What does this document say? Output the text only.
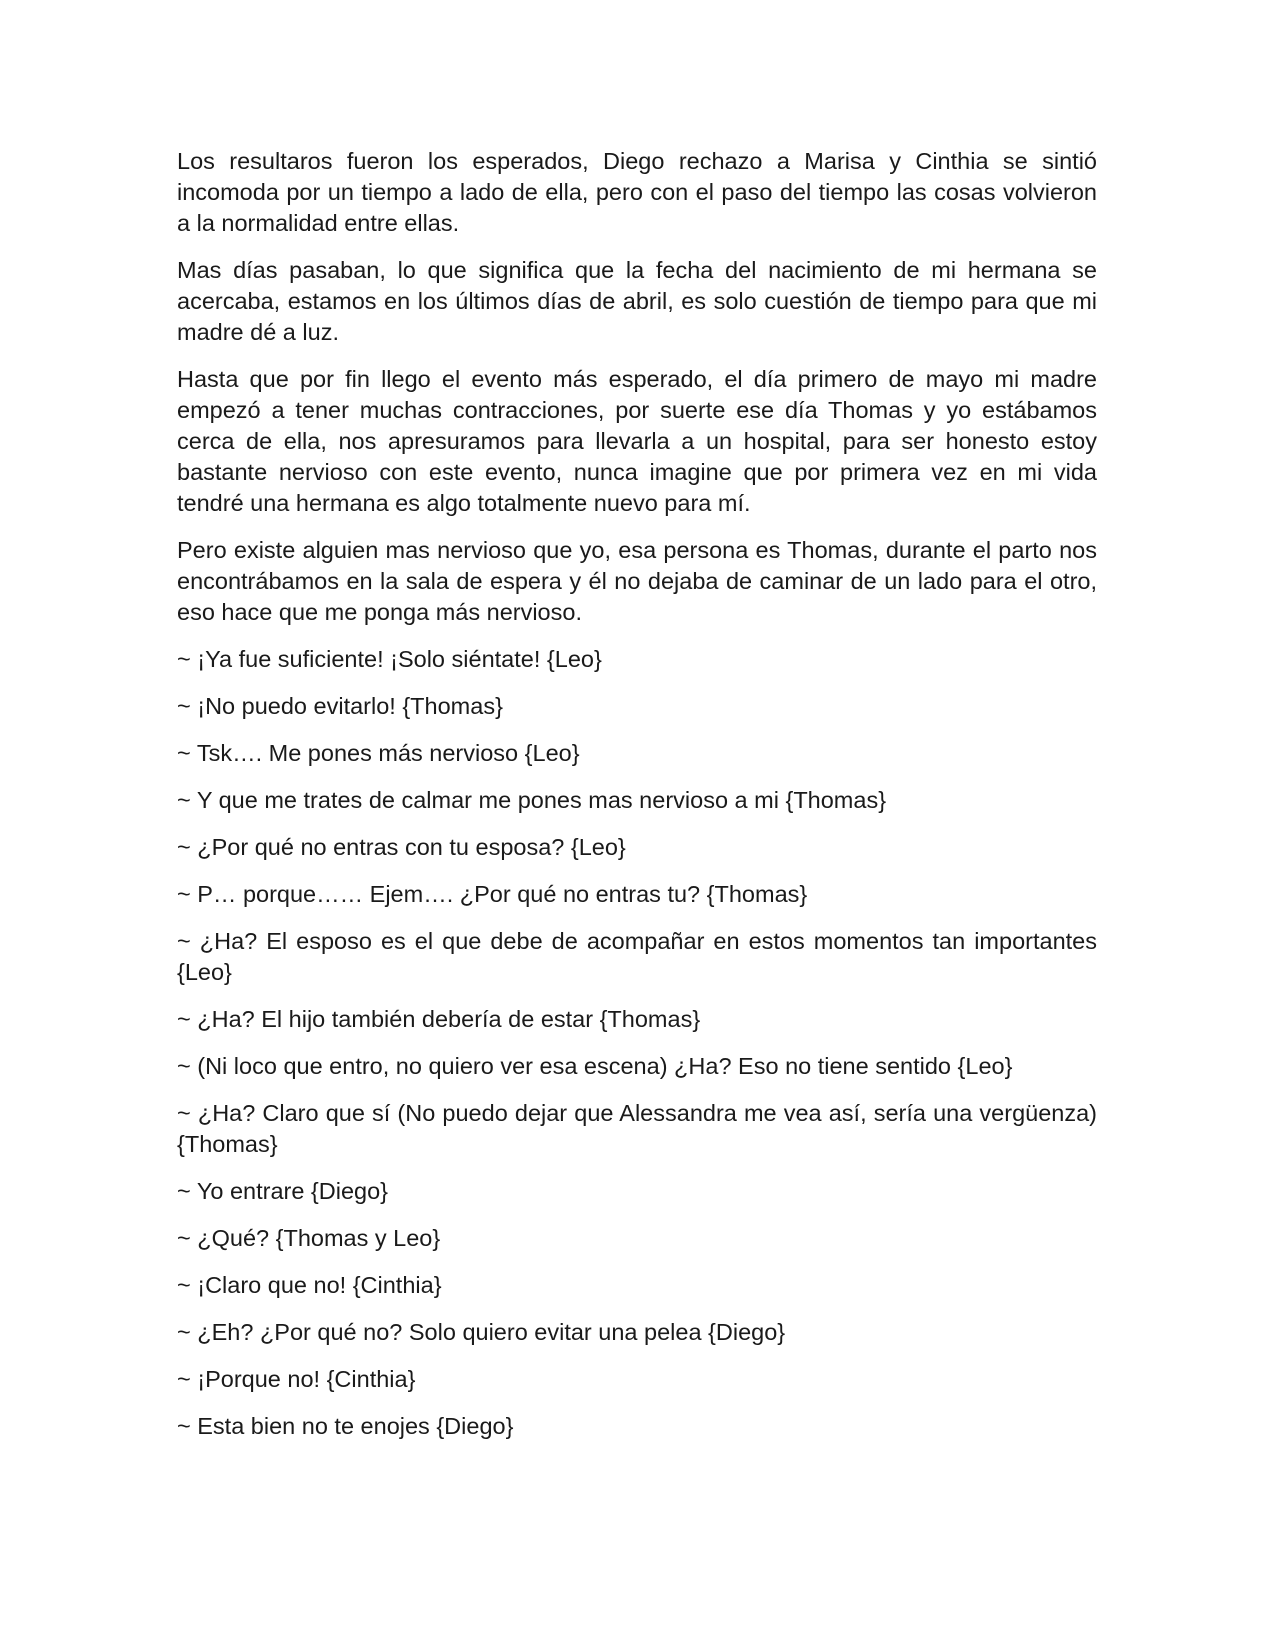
Los resultaros fueron los esperados, Diego rechazo a Marisa y Cinthia se sintió incomoda por un tiempo a lado de ella, pero con el paso del tiempo las cosas volvieron a la normalidad entre ellas.

Mas días pasaban, lo que significa que la fecha del nacimiento de mi hermana se acercaba, estamos en los últimos días de abril, es solo cuestión de tiempo para que mi madre dé a luz.

Hasta que por fin llego el evento más esperado, el día primero de mayo mi madre empezó a tener muchas contracciones, por suerte ese día Thomas y yo estábamos cerca de ella, nos apresuramos para llevarla a un hospital, para ser honesto estoy bastante nervioso con este evento, nunca imagine que por primera vez en mi vida tendré una hermana es algo totalmente nuevo para mí.

Pero existe alguien mas nervioso que yo, esa persona es Thomas, durante el parto nos encontrábamos en la sala de espera y él no dejaba de caminar de un lado para el otro, eso hace que me ponga más nervioso.

~ ¡Ya fue suficiente! ¡Solo siéntate! {Leo}

~ ¡No puedo evitarlo! {Thomas}

~ Tsk…. Me pones más nervioso {Leo}

~ Y que me trates de calmar me pones mas nervioso a mi {Thomas}

~ ¿Por qué no entras con tu esposa? {Leo}

~ P… porque…… Ejem…. ¿Por qué no entras tu? {Thomas}

~ ¿Ha? El esposo es el que debe de acompañar en estos momentos tan importantes {Leo}

~ ¿Ha? El hijo también debería de estar {Thomas}

~ (Ni loco que entro, no quiero ver esa escena) ¿Ha? Eso no tiene sentido {Leo}

~ ¿Ha? Claro que sí (No puedo dejar que Alessandra me vea así, sería una vergüenza) {Thomas}

~ Yo entrare {Diego}

~ ¿Qué? {Thomas y Leo}

~ ¡Claro que no! {Cinthia}

~ ¿Eh? ¿Por qué no? Solo quiero evitar una pelea {Diego}

~ ¡Porque no! {Cinthia}

~ Esta bien no te enojes {Diego}
